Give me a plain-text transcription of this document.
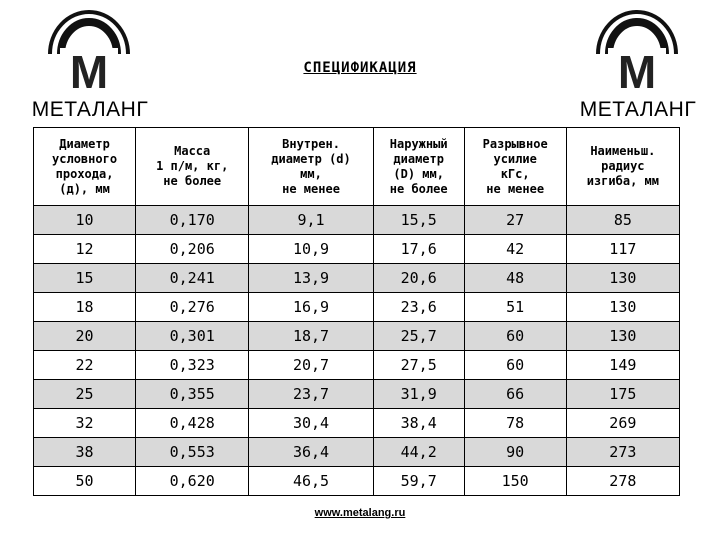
M
МЕТАЛАНГ
M
МЕТАЛАНГ
СПЕЦИФИКАЦИЯ
Диаметр
условного
прохода,
(д), мм	Масса
1 п/м, кг,
не более	Внутрен.
диаметр (d)
мм,
не менее	Наружный
диаметр
(D) мм,
не более	Разрывное
усилие
кГс,
не менее	Наименьш.
радиус
изгиба, мм
10	0,170	9,1	15,5	27	85
12	0,206	10,9	17,6	42	117
15	0,241	13,9	20,6	48	130
18	0,276	16,9	23,6	51	130
20	0,301	18,7	25,7	60	130
22	0,323	20,7	27,5	60	149
25	0,355	23,7	31,9	66	175
32	0,428	30,4	38,4	78	269
38	0,553	36,4	44,2	90	273
50	0,620	46,5	59,7	150	278
www.metalang.ru
